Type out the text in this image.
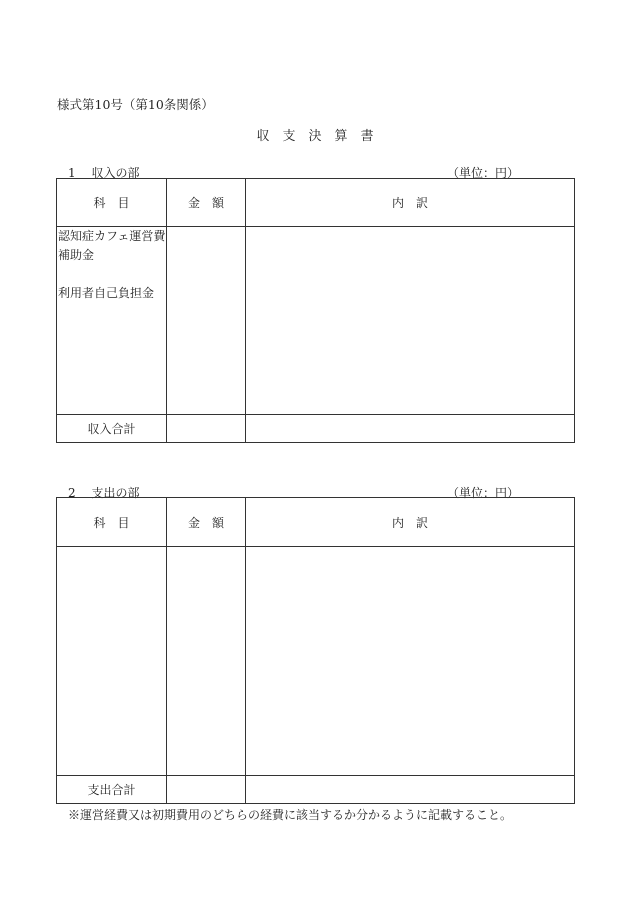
様式第10号（第10条関係）
収　支　決　算　書
1　 収入の部	（単位：円）
科　目	金　額	内　訳

認知症カフェ運営費
補助金
利用者自己負担金		

収入合計		
2　 支出の部	（単位：円）
科　目	金　額	内　訳

支出合計		
※運営経費又は初期費用のどちらの経費に該当するか分かるように記載すること。
